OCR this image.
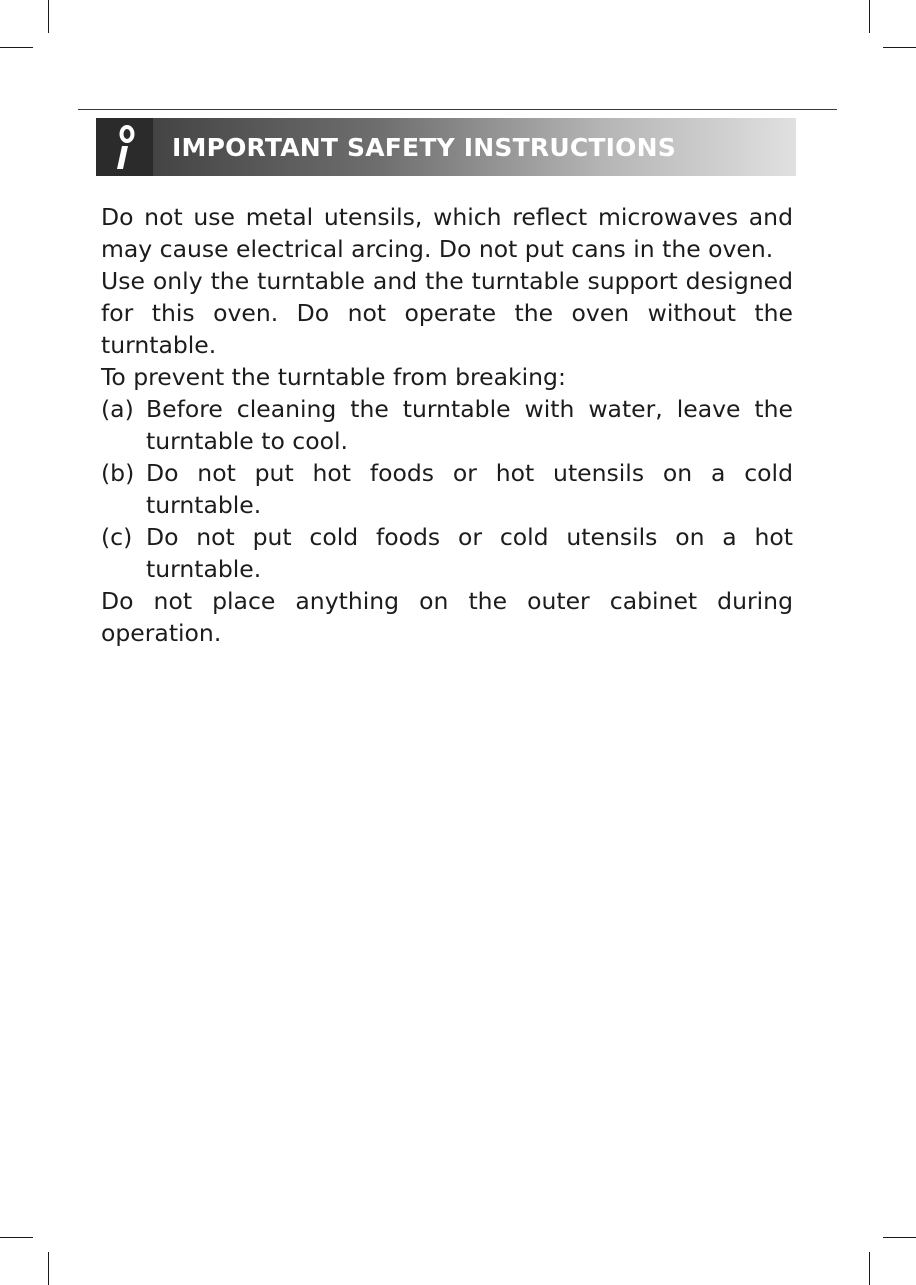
IMPORTANT SAFETY INSTRUCTIONS

Do not use metal utensils, which reflect microwaves and may cause electrical arcing. Do not put cans in the oven.

Use only the turntable and the turntable support designed for this oven. Do not operate the oven without the turntable.

To prevent the turntable from breaking:

(a) Before cleaning the turntable with water, leave the turntable to cool.
(b) Do not put hot foods or hot utensils on a cold turntable.
(c) Do not put cold foods or cold utensils on a hot turntable.

Do not place anything on the outer cabinet during operation.
